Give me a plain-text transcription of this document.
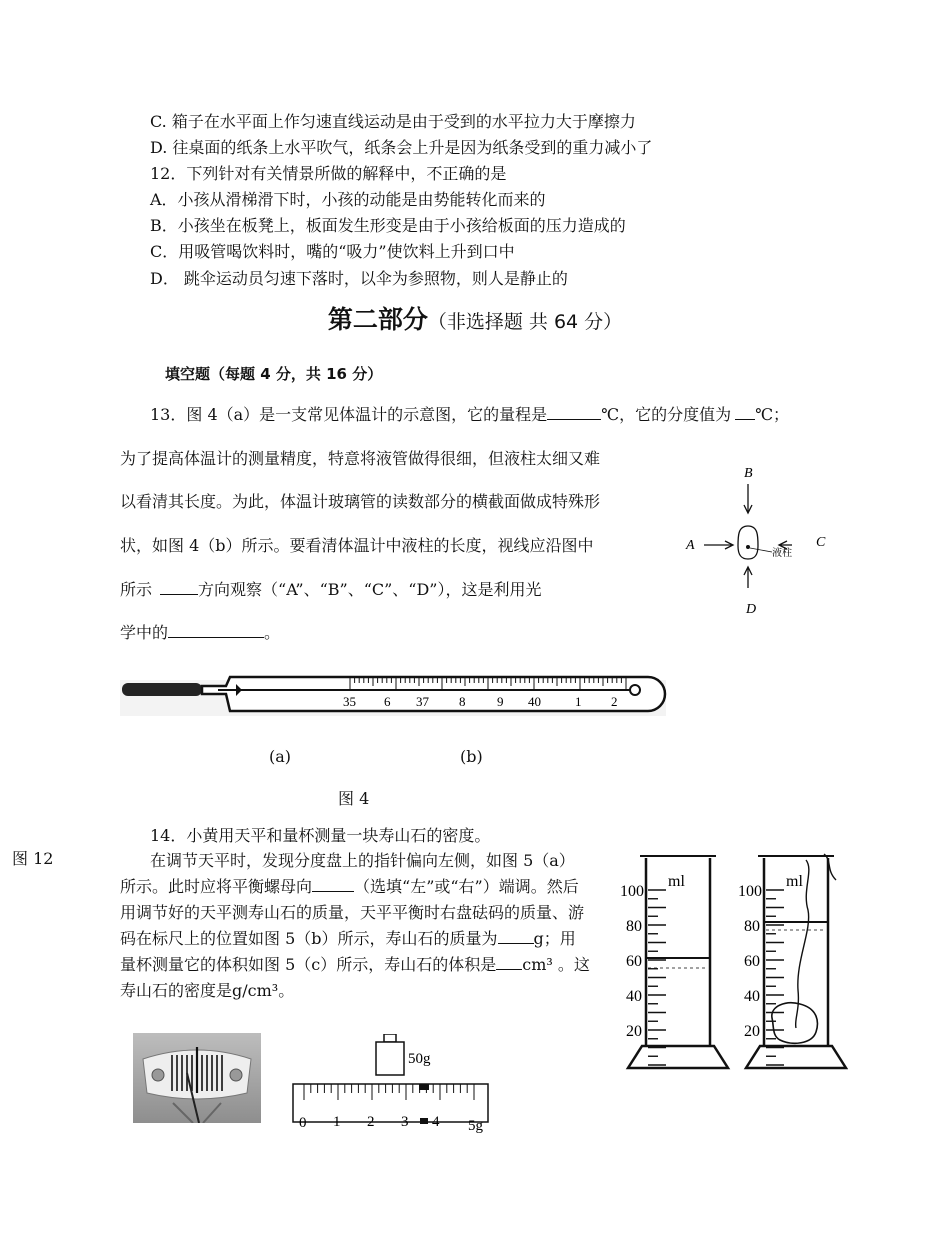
C. 箱子在水平面上作匀速直线运动是由于受到的水平拉力大于摩擦力
D. 往桌面的纸条上水平吹气，纸条会上升是因为纸条受到的重力减小了
12．下列针对有关情景所做的解释中，不正确的是
A．小孩从滑梯滑下时，小孩的动能是由势能转化而来的
B．小孩坐在板凳上，板面发生形变是由于小孩给板面的压力造成的
C．用吸管喝饮料时，嘴的“吸力”使饮料上升到口中
D． 跳伞运动员匀速下落时，以伞为参照物，则人是静止的
第二部分（非选择题 共 64 分）
填空题（每题 4 分，共 16 分）
13．图 4（a）是一支常见体温计的示意图，它的量程是	℃，它的分度值为 ℃；
为了提高体温计的测量精度，特意将液管做得很细，但液柱太细又难
以看清其长度。为此，体温计玻璃管的读数部分的横截面做成特殊形
状，如图 4（b）所示。要看清体温计中液柱的长度，视线应沿图中
所示	方向观察（“A”、“B”、“C”、“D”），这是利用光
学中的	。
B
A
液柱
C
D
35 6 37 8 9 40	1 2
(a)	(b)
图 4
图 12
14．小黄用天平和量杯测量一块寿山石的密度。
在调节天平时，发现分度盘上的指针偏向左侧，如图 5（a）所示。此时应将平衡螺母向	（选填“左”或“右”）端调。然后用调节好的天平测寿山石的质量，天平平衡时右盘砝码的质量、游码在标尺上的位置如图 5（b）所示，寿山石的质量为 g；用量杯测量它的体积如图 5（c）所示，寿山石的体积是 cm³ 。这寿山石的密度是g/cm³。
50g
0 1 2 3 4 5g
ml
100
80
60
40
20
ml
100
80
60
40
20
